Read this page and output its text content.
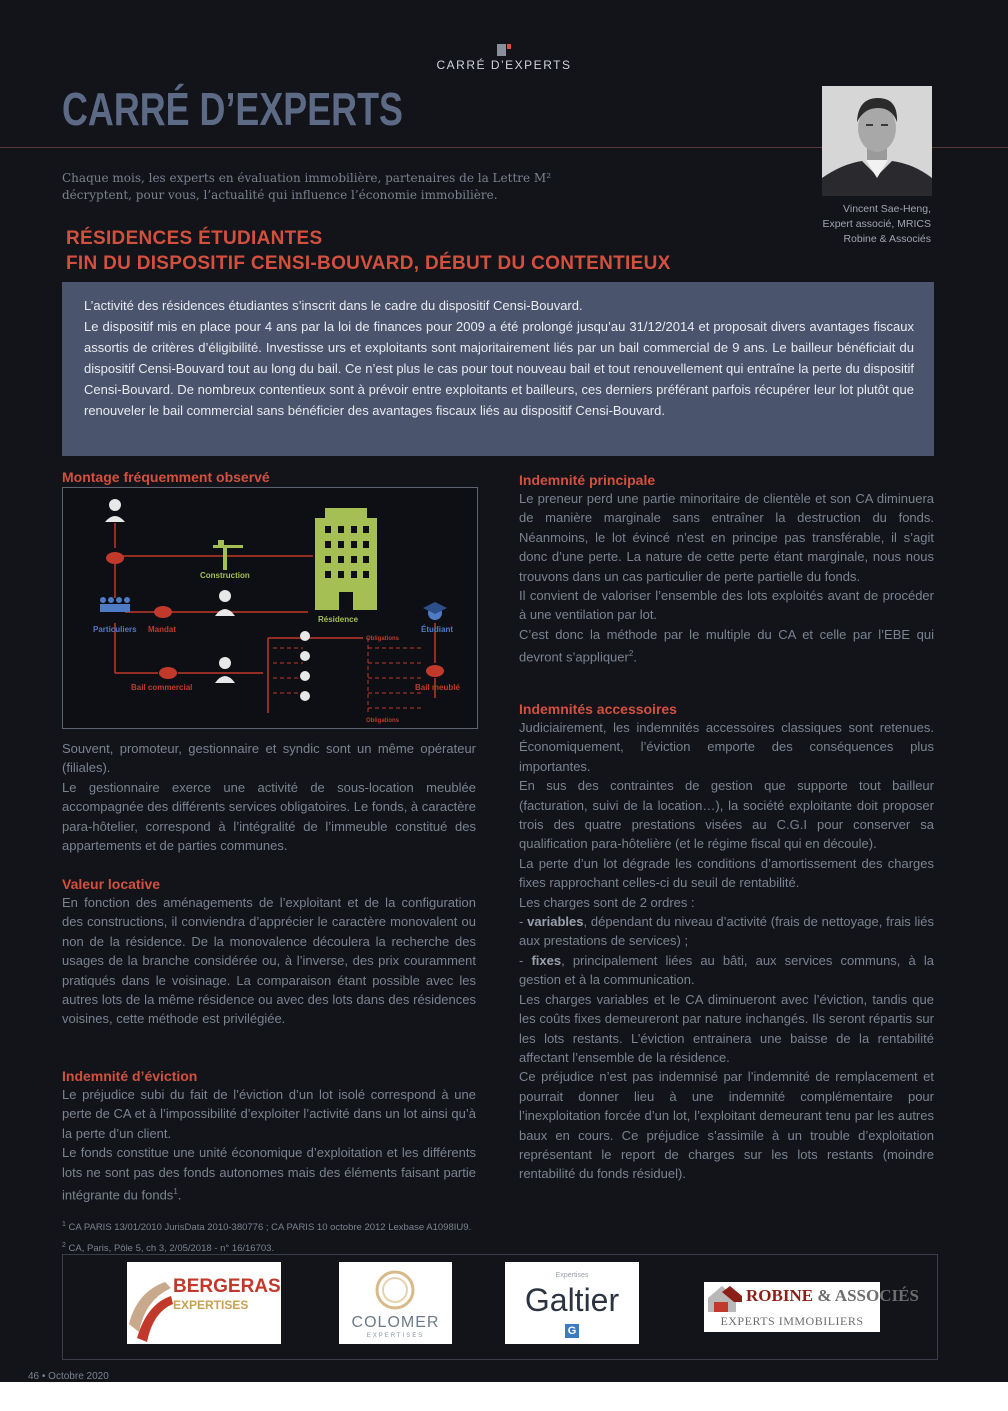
CARRÉ D’EXPERTS
CARRÉ D’EXPERTS
Vincent Sae-Heng,
Expert associé, MRICS
Robine & Associés
Chaque mois, les experts en évaluation immobilière, partenaires de la Lettre M² décryptent, pour vous, l’actualité qui influence l’économie immobilière.
RÉSIDENCES ÉTUDIANTES
FIN DU DISPOSITIF CENSI-BOUVARD, DÉBUT DU CONTENTIEUX

L’activité des résidences étudiantes s’inscrit dans le cadre du dispositif Censi-Bouvard.

Le dispositif mis en place pour 4 ans par la loi de finances pour 2009 a été prolongé jusqu’au 31/12/2014 et proposait divers avantages fiscaux assortis de critères d’éligibilité. Investisse urs et exploitants sont majoritairement liés par un bail commercial de 9 ans. Le bailleur bénéficiait du dispositif Censi-Bouvard tout au long du bail. Ce n’est plus le cas pour tout nouveau bail et tout renouvellement qui entraîne la perte du dispositif Censi-Bouvard. De nombreux contentieux sont à prévoir entre exploitants et bailleurs, ces derniers préférant parfois récupérer leur lot plutôt que renouveler le bail commercial sans bénéficier des avantages fiscaux liés au dispositif Censi-Bouvard.

Montage fréquemment observé
Construction
Résidence
Particuliers Mandat	Étudiant
Bail commercial	Bail meublé
Obligations
Obligations

Souvent, promoteur, gestionnaire et syndic sont un même opérateur (filiales).

Le gestionnaire exerce une activité de sous-location meublée accompagnée des différents services obligatoires. Le fonds, à caractère para-hôtelier, correspond à l’intégralité de l’immeuble constitué des appartements et de parties communes.

Valeur locative

En fonction des aménagements de l’exploitant et de la configuration des constructions, il conviendra d’apprécier le caractère monovalent ou non de la résidence. De la monovalence découlera la recherche des usages de la branche considérée ou, à l’inverse, des prix couramment pratiqués dans le voisinage. La comparaison étant possible avec les autres lots de la même résidence ou avec des lots dans des résidences voisines, cette méthode est privilégiée.

Indemnité d’éviction

Le préjudice subi du fait de l’éviction d’un lot isolé correspond à une perte de CA et à l’impossibilité d’exploiter l’activité dans un lot ainsi qu’à la perte d’un client.

Le fonds constitue une unité économique d’exploitation et les différents lots ne sont pas des fonds autonomes mais des éléments faisant partie intégrante du fonds$^1$.

Indemnité principale

Le preneur perd une partie minoritaire de clientèle et son CA diminuera de manière marginale sans entraîner la destruction du fonds. Néanmoins, le lot évincé n’est en principe pas transférable, il s’agit donc d’une perte. La nature de cette perte étant marginale, nous nous trouvons dans un cas particulier de perte partielle du fonds.

Il convient de valoriser l’ensemble des lots exploités avant de procéder à une ventilation par lot.

C’est donc la méthode par le multiple du CA et celle par l’EBE qui devront s’appliquer$^2$.

Indemnités accessoires

Judiciairement, les indemnités accessoires classiques sont retenues. Économiquement, l’éviction emporte des conséquences plus importantes.

En sus des contraintes de gestion que supporte tout bailleur (facturation, suivi de la location…), la société exploitante doit proposer trois des quatre prestations visées au C.G.I pour conserver sa qualification para-hôtelière (et le régime fiscal qui en découle).

La perte d’un lot dégrade les conditions d’amortissement des charges fixes rapprochant celles-ci du seuil de rentabilité.

Les charges sont de 2 ordres :

- variables, dépendant du niveau d’activité (frais de nettoyage, frais liés aux prestations de services) ;

- fixes, principalement liées au bâti, aux services communs, à la gestion et à la communication.

Les charges variables et le CA diminueront avec l’éviction, tandis que les coûts fixes demeureront par nature inchangés. Ils seront répartis sur les lots restants. L’éviction entrainera une baisse de la rentabilité affectant l’ensemble de la résidence.

Ce préjudice n’est pas indemnisé par l’indemnité de remplacement et pourrait donner lieu à une indemnité complémentaire pour l’inexploitation forcée d’un lot, l’exploitant demeurant tenu par les autres baux en cours. Ce préjudice s’assimile à un trouble d’exploitation représentant le report de charges sur les lots restants (moindre rentabilité du fonds résiduel).

$^1$ CA PARIS 13/01/2010 JurisData 2010-380776 ; CA PARIS 10 octobre 2012 Lexbase A1098IU9.
$^2$ CA, Paris, Pôle 5, ch 3, 2/05/2018 - n° 16/16703.
BERGERAS
EXPERTISES
COLOMER
EXPERTISES
Expertises
Galtier
G
ROBINE & ASSOCIÉS
EXPERTS IMMOBILIERS
46 • Octobre 2020
